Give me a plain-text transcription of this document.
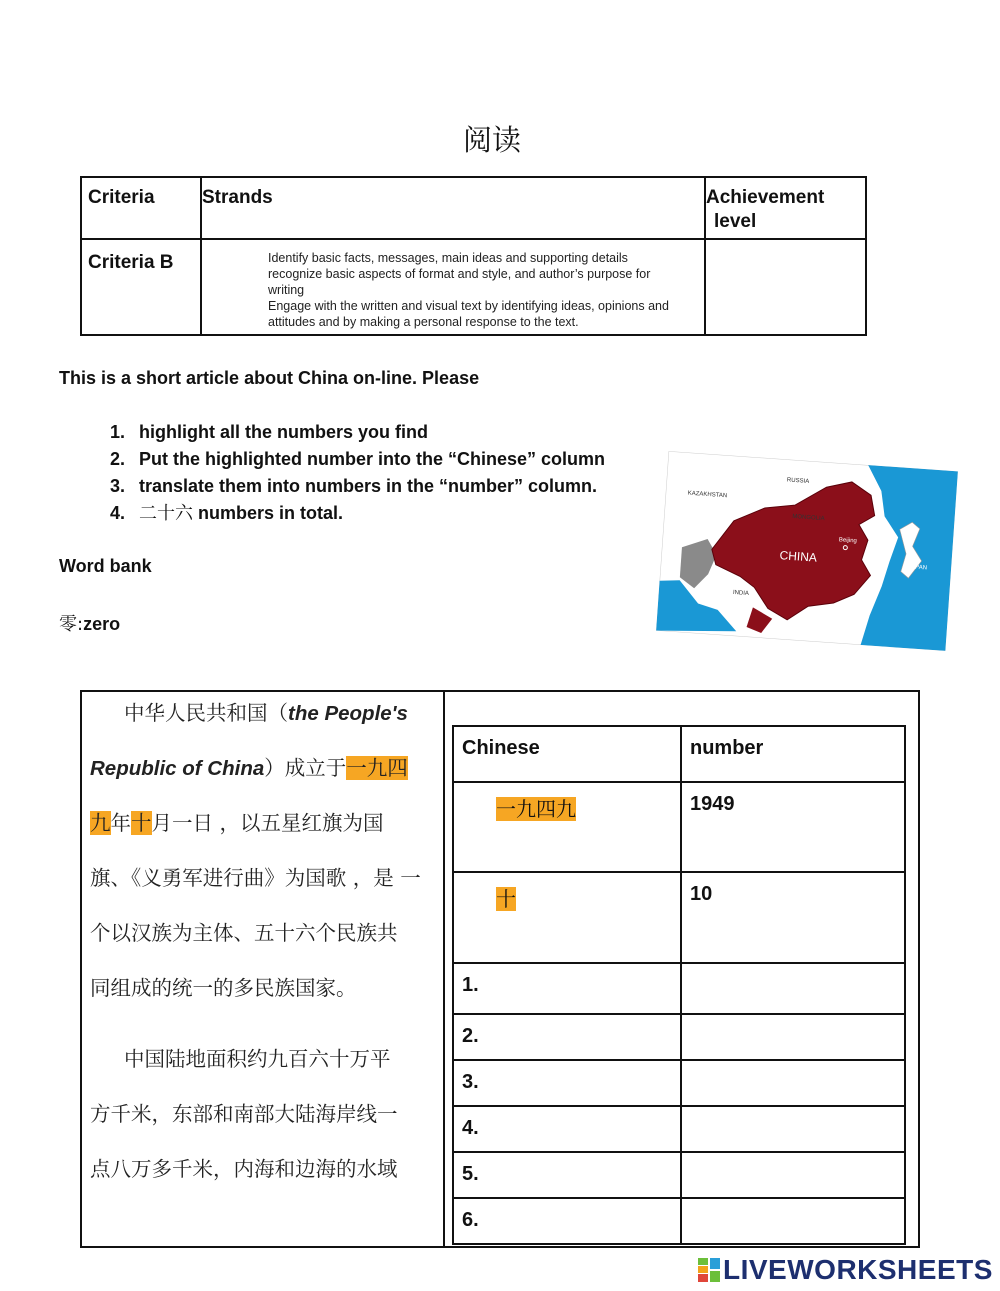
阅读
Criteria	Strands	Achievement
level

Criteria B	Identify basic facts, messages, main ideas and supporting details
recognize basic aspects of format and style, and author’s purpose for
writing
Engage with the written and visual text by identifying ideas, opinions and
attitudes and by making a personal response to the text.	

This is a short article about China on-line. Please
1. highlight all the numbers you find
2. Put the highlighted number into the “Chinese” column
3. translate them into numbers in the “number” column.
4. 二十六 numbers in total.
Word bank
零:zero
RUSSIA
KAZAKHSTAN
MONGOLIA
CHINA
Beijing
INDIA
JAPAN
中华人民共和国（the People's
Republic of China）成立于一九四
九年十月一日 ，以五星红旗为国
旗、《义勇军进行曲》为国歌 ，是 一
个以汉族为主体、五十六个民族共
同组成的统一的多民族国家。
中国陆地面积约九百六十万平
方千米，东部和南部大陆海岸线一
点八万多千米，内海和边海的水域
Chinese	number
一九四九	1949
十	10
1.	
2.	
3.	
4.	
5.	
6.	
LIVEWORKSHEETS
